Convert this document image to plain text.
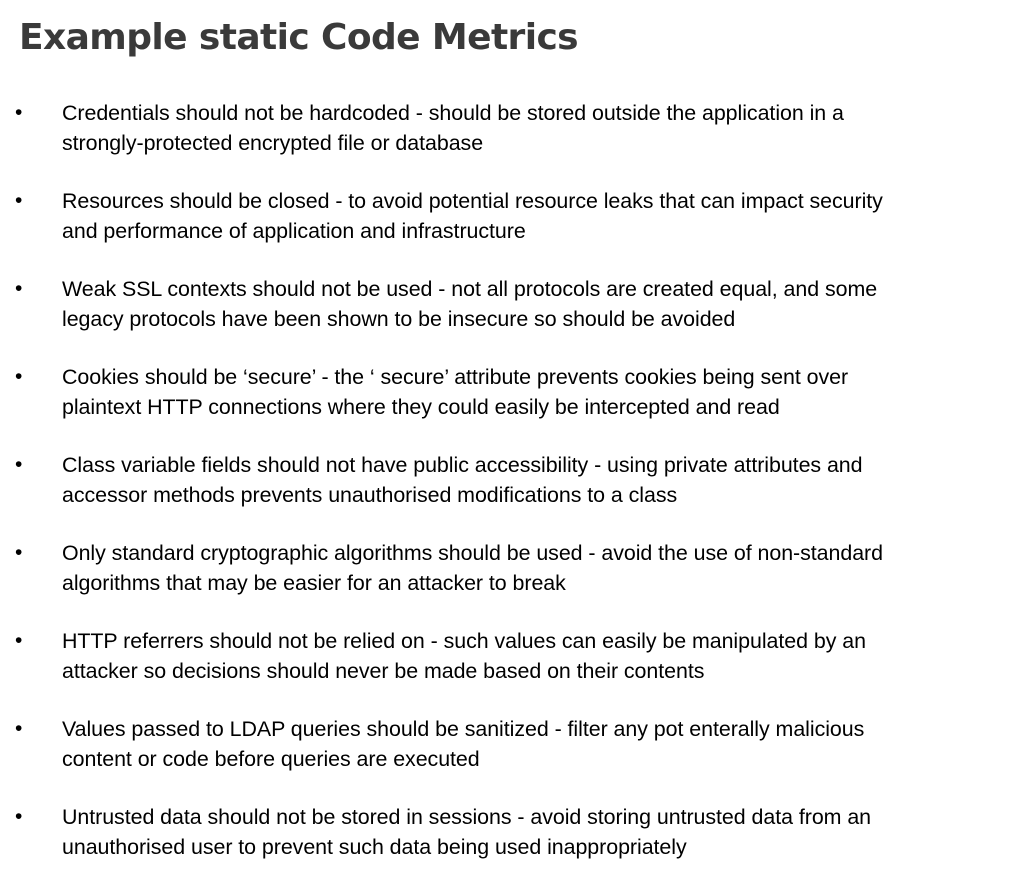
Example static Code Metrics
• Credentials should not be hardcoded - should be stored outside the application in a
strongly-protected encrypted file or database

• Resources should be closed - to avoid potential resource leaks that can impact security
and performance of application and infrastructure

• Weak SSL contexts should not be used - not all protocols are created equal, and some
legacy protocols have been shown to be insecure so should be avoided

• Cookies should be ‘secure’ - the ‘ secure’ attribute prevents cookies being sent over
plaintext HTTP connections where they could easily be intercepted and read

• Class variable fields should not have public accessibility - using private attributes and
accessor methods prevents unauthorised modifications to a class

• Only standard cryptographic algorithms should be used - avoid the use of non-standard
algorithms that may be easier for an attacker to break

• HTTP referrers should not be relied on - such values can easily be manipulated by an
attacker so decisions should never be made based on their contents

• Values passed to LDAP queries should be sanitized - filter any pot enterally malicious
content or code before queries are executed

• Untrusted data should not be stored in sessions - avoid storing untrusted data from an
unauthorised user to prevent such data being used inappropriately
